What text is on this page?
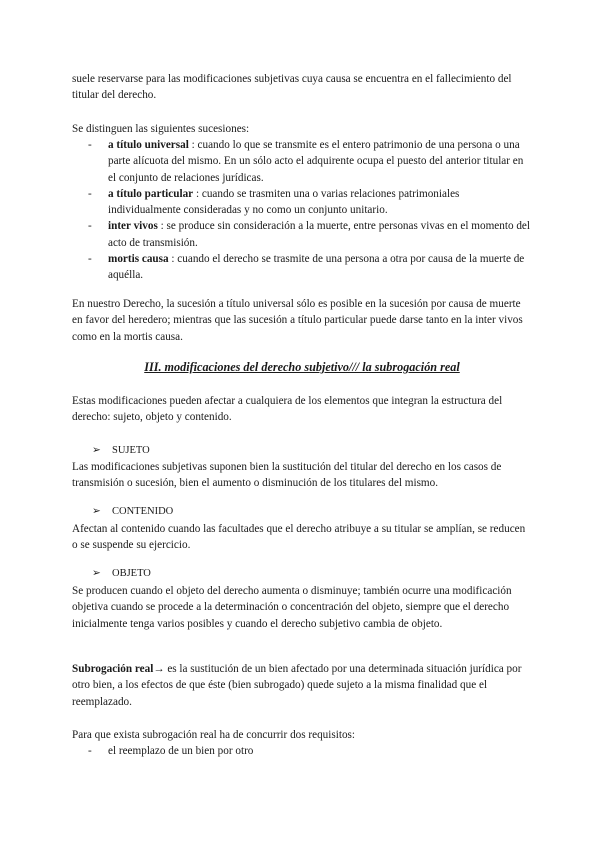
suele reservarse para las modificaciones subjetivas cuya causa se encuentra en el fallecimiento del titular del derecho.

Se distinguen las siguientes sucesiones:

- a título universal : cuando lo que se transmite es el entero patrimonio de una persona o una parte alícuota del mismo. En un sólo acto el adquirente ocupa el puesto del anterior titular en el conjunto de relaciones jurídicas.
- a título particular : cuando se trasmiten una o varias relaciones patrimoniales individualmente consideradas y no como un conjunto unitario.
- inter vivos : se produce sin consideración a la muerte, entre personas vivas en el momento del acto de transmisión.
- mortis causa : cuando el derecho se trasmite de una persona a otra por causa de la muerte de aquélla.

En nuestro Derecho, la sucesión a título universal sólo es posible en la sucesión por causa de muerte en favor del heredero; mientras que las sucesión a título particular puede darse tanto en la inter vivos como en la mortis causa.

III. modificaciones del derecho subjetivo/// la subrogación real

Estas modificaciones pueden afectar a cualquiera de los elementos que integran la estructura del derecho: sujeto, objeto y contenido.

➢ SUJETO

Las modificaciones subjetivas suponen bien la sustitución del titular del derecho en los casos de transmisión o sucesión, bien el aumento o disminución de los titulares del mismo.

➢ CONTENIDO

Afectan al contenido cuando las facultades que el derecho atribuye a su titular se amplían, se reducen o se suspende su ejercicio.

➢ OBJETO

Se producen cuando el objeto del derecho aumenta o disminuye; también ocurre una modificación objetiva cuando se procede a la determinación o concentración del objeto, siempre que el derecho inicialmente tenga varios posibles y cuando el derecho subjetivo cambia de objeto.

Subrogación real→ es la sustitución de un bien afectado por una determinada situación jurídica por otro bien, a los efectos de que éste (bien subrogado) quede sujeto a la misma finalidad que el reemplazado.

Para que exista subrogación real ha de concurrir dos requisitos:

- el reemplazo de un bien por otro
